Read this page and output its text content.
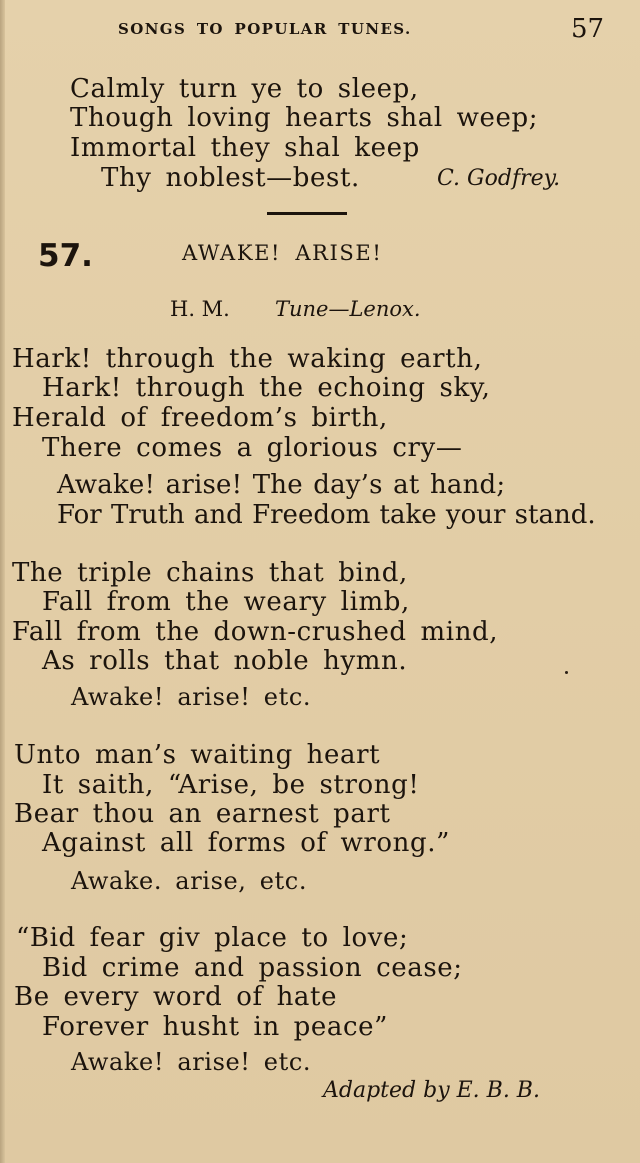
SONGS TO POPULAR TUNES.	57
Calmly turn ye to sleep,
Though loving hearts shal weep;
Immortal they shal keep
Thy noblest—best.	C. Godfrey.
57.	AWAKE! ARISE!
H. M. Tune—Lenox.
Hark! through the waking earth,
Hark! through the echoing sky,
Herald of freedom’s birth,
There comes a glorious cry—
Awake! arise! The day’s at hand;
For Truth and Freedom take your stand.
The triple chains that bind,
Fall from the weary limb,
Fall from the down-crushed mind,
As rolls that noble hymn.
Awake! arise! etc.
Unto man’s waiting heart
It saith, “Arise, be strong!
Bear thou an earnest part
Against all forms of wrong.”
Awake. arise, etc.
“Bid fear giv place to love;
Bid crime and passion cease;
Be every word of hate
Forever husht in peace”
Awake! arise! etc.
Adapted by E. B. B.
